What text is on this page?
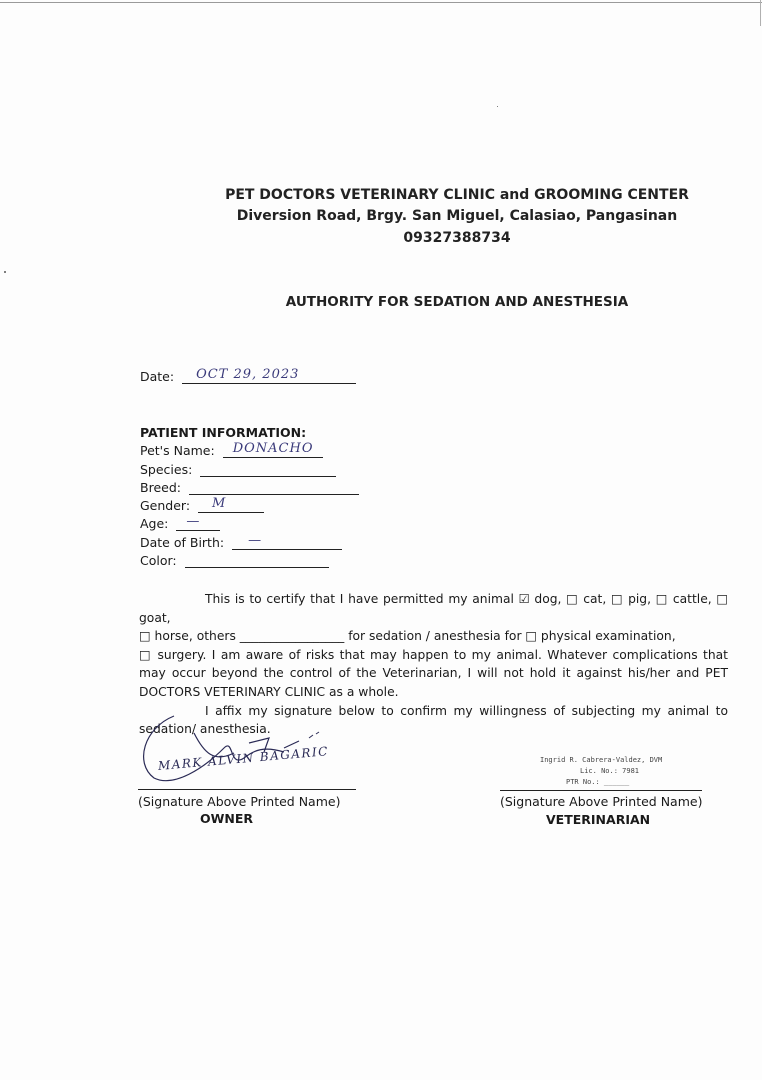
PET DOCTORS VETERINARY CLINIC and GROOMING CENTER
Diversion Road, Brgy. San Miguel, Calasiao, Pangasinan
09327388734
AUTHORITY FOR SEDATION AND ANESTHESIA
Date: OCT 29, 2023
PATIENT INFORMATION:
Pet's Name: DONACHO
Species:
Breed:
Gender: M
Age: —
Date of Birth: —
Color:

This is to certify that I have permitted my animal ☑ dog, □ cat, □ pig, □ cattle, □ goat,

□ horse, others _________________ for sedation / anesthesia for □ physical examination,

□ surgery. I am aware of risks that may happen to my animal. Whatever complications that may occur beyond the control of the Veterinarian, I will not hold it against his/her and PET DOCTORS VETERINARY CLINIC as a whole.

I affix my signature below to confirm my willingness of subjecting my animal to sedation/ anesthesia.

MARK ALVIN BAGARIC
(Signature Above Printed Name)
OWNER
Ingrid R. Cabrera-Valdez, DVM
Lic. No.: 7981
PTR No.: ______
(Signature Above Printed Name)
VETERINARIAN
